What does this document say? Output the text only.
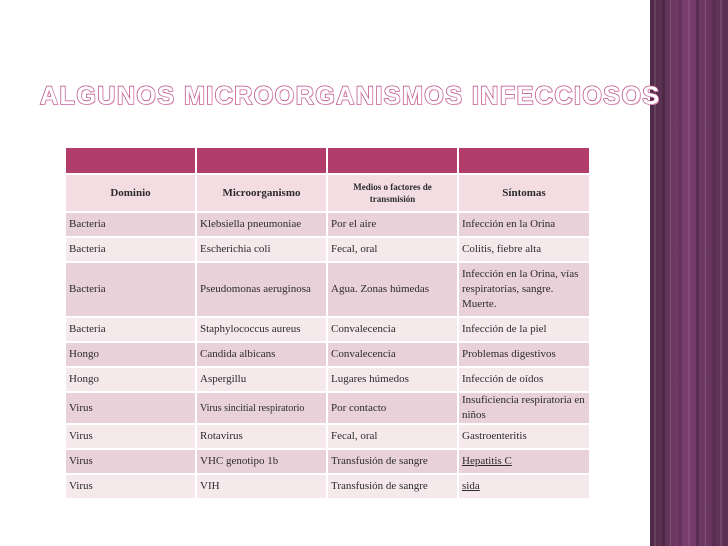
ALGUNOS MICROORGANISMOS INFECCIOSOS

Dominio	Microorganismo	Medios o factores de transmisión	Síntomas
Bacteria	Klebsiella pneumoniae	Por el aire	Infección en la Orina
Bacteria	Escherichia coli	Fecal, oral	Colitis, fiebre alta
Bacteria	Pseudomonas aeruginosa	Agua. Zonas húmedas	Infección en la Orina, vías respiratorias, sangre. Muerte.
Bacteria	Staphylococcus aureus	Convalecencia	Infección de la piel
Hongo	Candida albicans	Convalecencia	Problemas digestivos
Hongo	Aspergillu	Lugares húmedos	Infección de oídos
Virus	Virus sincitial respiratorio	Por contacto	Insuficiencia respiratoria en niños
Virus	Rotavirus	Fecal, oral	Gastroenteritis
Virus	VHC genotipo 1b	Transfusión de sangre	Hepatitis C
Virus	VIH	Transfusión de sangre	sida
